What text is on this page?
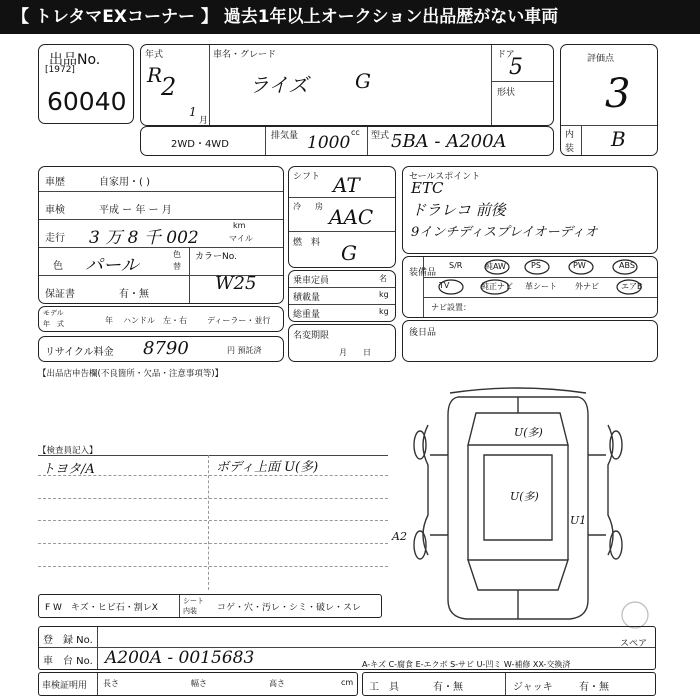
【 トレタマEXコーナー 】 過去1年以上オークション出品歴がない車両
出品No.
[1972]
60040
年式
R
2
1
月
車名・グレード
ライズ G
ドア
5
形状
評価点
3
内
装 B
2WD・4WD
排気量	cc
1000 型式 5BA - A200A
車歴	自家用・( )
車検	平成 ー 年 ー 月
走行 3 万 8 千 002
km
マイル
色 パール
色
替
カラーNo.
W25
保証書	有・無
モデル
年　式	年 ハンドル　左・右	ディーラー・並行
リサイクル料金 8790	円 預託済
【出品店申告欄(不良箇所・欠品・注意事項等)】
シフト AT
冷 房 AAC
燃　料 G
乗車定員	名
積載量	kg
総重量	kg
名変期限
月　　日
セールスポイント
ETC
ドラレコ 前後
9インチディスプレイオーディオ
装備品
S/R	純AW	PS	PW	ABS
TV	純正ナビ 革シート 外ナビ	エアB
ナビ設置：
後日品
【検査員記入】
トヨタ/A	ボディ上面 U(多)
U(多)
U(多)
U1
A2
スペア
F W　キズ・ヒビ石・割レX
シート
内装 コゲ・穴・汚レ・シミ・破レ・スレ
登　録 No.
車　台 No. A200A - 0015683	A-キズ C-腐食 E-エクボ S-サビ U-凹ミ W-補修 XX-交換済
車検証明用 長さ	幅さ	高さ	cm 工　具	有・無	ジャッキ	有・無
